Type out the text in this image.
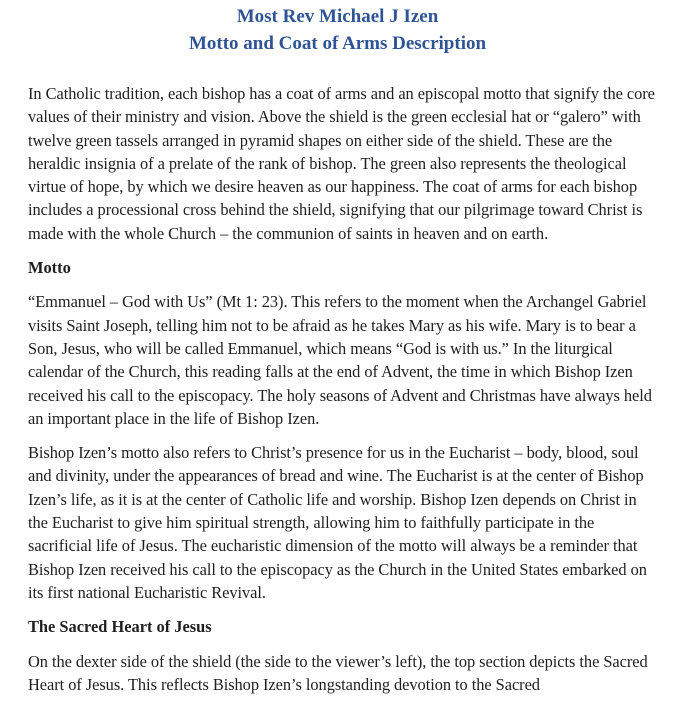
Most Rev Michael J Izen
Motto and Coat of Arms Description

In Catholic tradition, each bishop has a coat of arms and an episcopal motto that signify the core values of their ministry and vision. Above the shield is the green ecclesial hat or “galero” with twelve green tassels arranged in pyramid shapes on either side of the shield. These are the heraldic insignia of a prelate of the rank of bishop. The green also represents the theological virtue of hope, by which we desire heaven as our happiness. The coat of arms for each bishop includes a processional cross behind the shield, signifying that our pilgrimage toward Christ is made with the whole Church – the communion of saints in heaven and on earth.

Motto

“Emmanuel – God with Us” (Mt 1: 23). This refers to the moment when the Archangel Gabriel visits Saint Joseph, telling him not to be afraid as he takes Mary as his wife. Mary is to bear a Son, Jesus, who will be called Emmanuel, which means “God is with us.” In the liturgical calendar of the Church, this reading falls at the end of Advent, the time in which Bishop Izen received his call to the episcopacy. The holy seasons of Advent and Christmas have always held an important place in the life of Bishop Izen.

Bishop Izen’s motto also refers to Christ’s presence for us in the Eucharist – body, blood, soul and divinity, under the appearances of bread and wine. The Eucharist is at the center of Bishop Izen’s life, as it is at the center of Catholic life and worship. Bishop Izen depends on Christ in the Eucharist to give him spiritual strength, allowing him to faithfully participate in the sacrificial life of Jesus. The eucharistic dimension of the motto will always be a reminder that Bishop Izen received his call to the episcopacy as the Church in the United States embarked on its first national Eucharistic Revival.

The Sacred Heart of Jesus

On the dexter side of the shield (the side to the viewer’s left), the top section depicts the Sacred Heart of Jesus. This reflects Bishop Izen’s longstanding devotion to the Sacred
